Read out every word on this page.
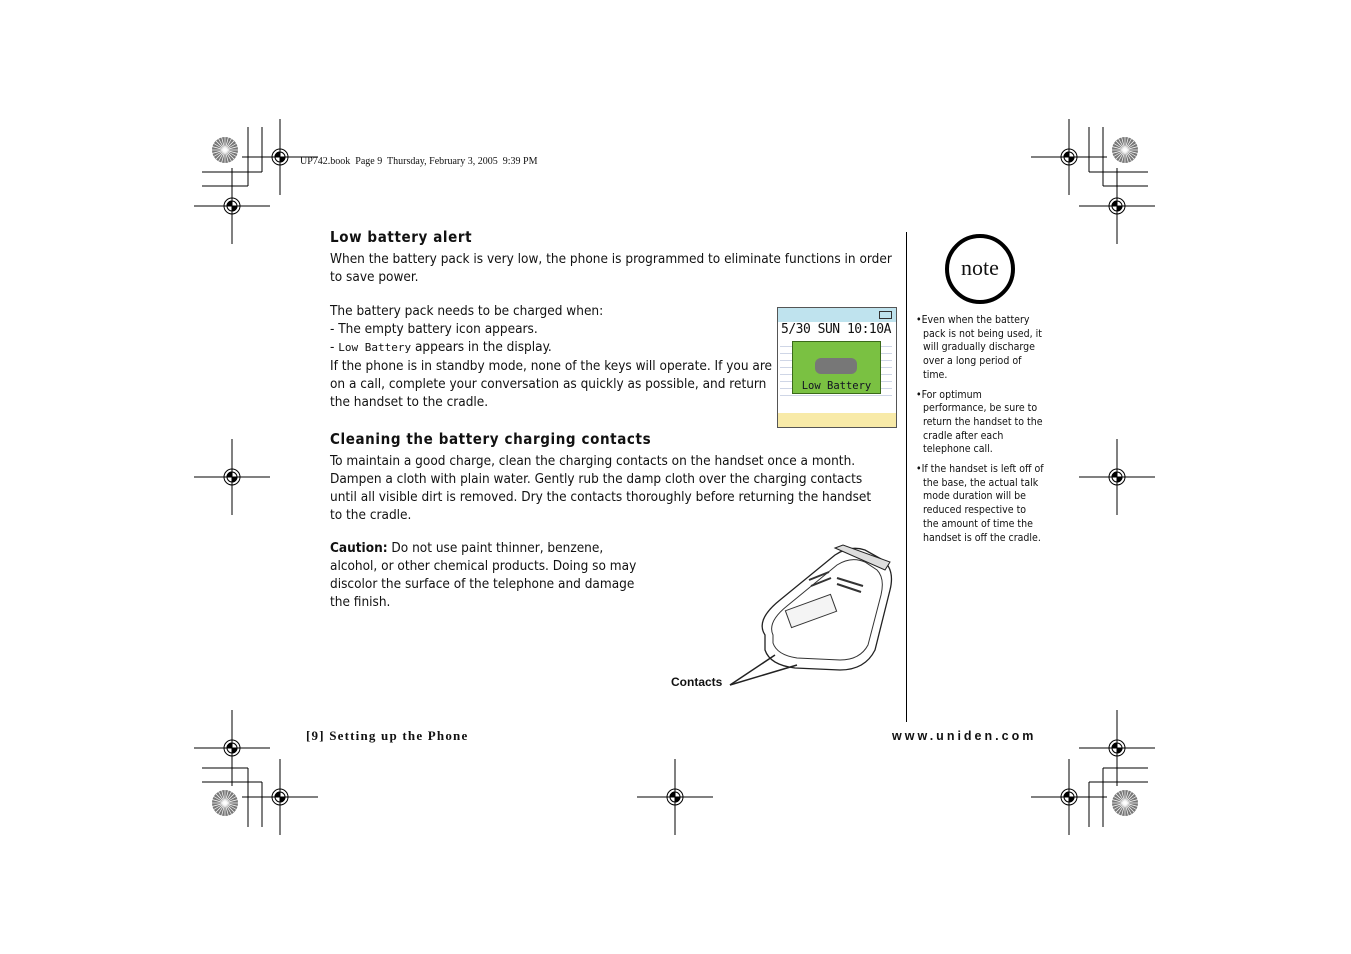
UP742.book  Page 9  Thursday, February 3, 2005  9:39 PM
Low battery alert
When the battery pack is very low, the phone is programmed to eliminate functions in order to save power.
The battery pack needs to be charged when:
- The empty battery icon appears.
- Low Battery appears in the display.
If the phone is in standby mode, none of the keys will operate. If you are on a call, complete your conversation as quickly as possible, and return the handset to the cradle.
5/30 SUN 10:10A
Low Battery
Cleaning the battery charging contacts
To maintain a good charge, clean the charging contacts on the handset once a month. Dampen a cloth with plain water. Gently rub the damp cloth over the charging contacts until all visible dirt is removed. Dry the contacts thoroughly before returning the handset to the cradle.
Caution: Do not use paint thinner, benzene, alcohol, or other chemical products. Doing so may discolor the surface of the telephone and damage the finish.
Contacts
note

•Even when the battery pack is not being used, it will gradually discharge over a long period of time.

•For optimum performance, be sure to return the handset to the cradle after each telephone call.

•If the handset is left off of the base, the actual talk mode duration will be reduced respective to the amount of time the handset is off the cradle.

[9] Setting up the Phone	www.uniden.com
